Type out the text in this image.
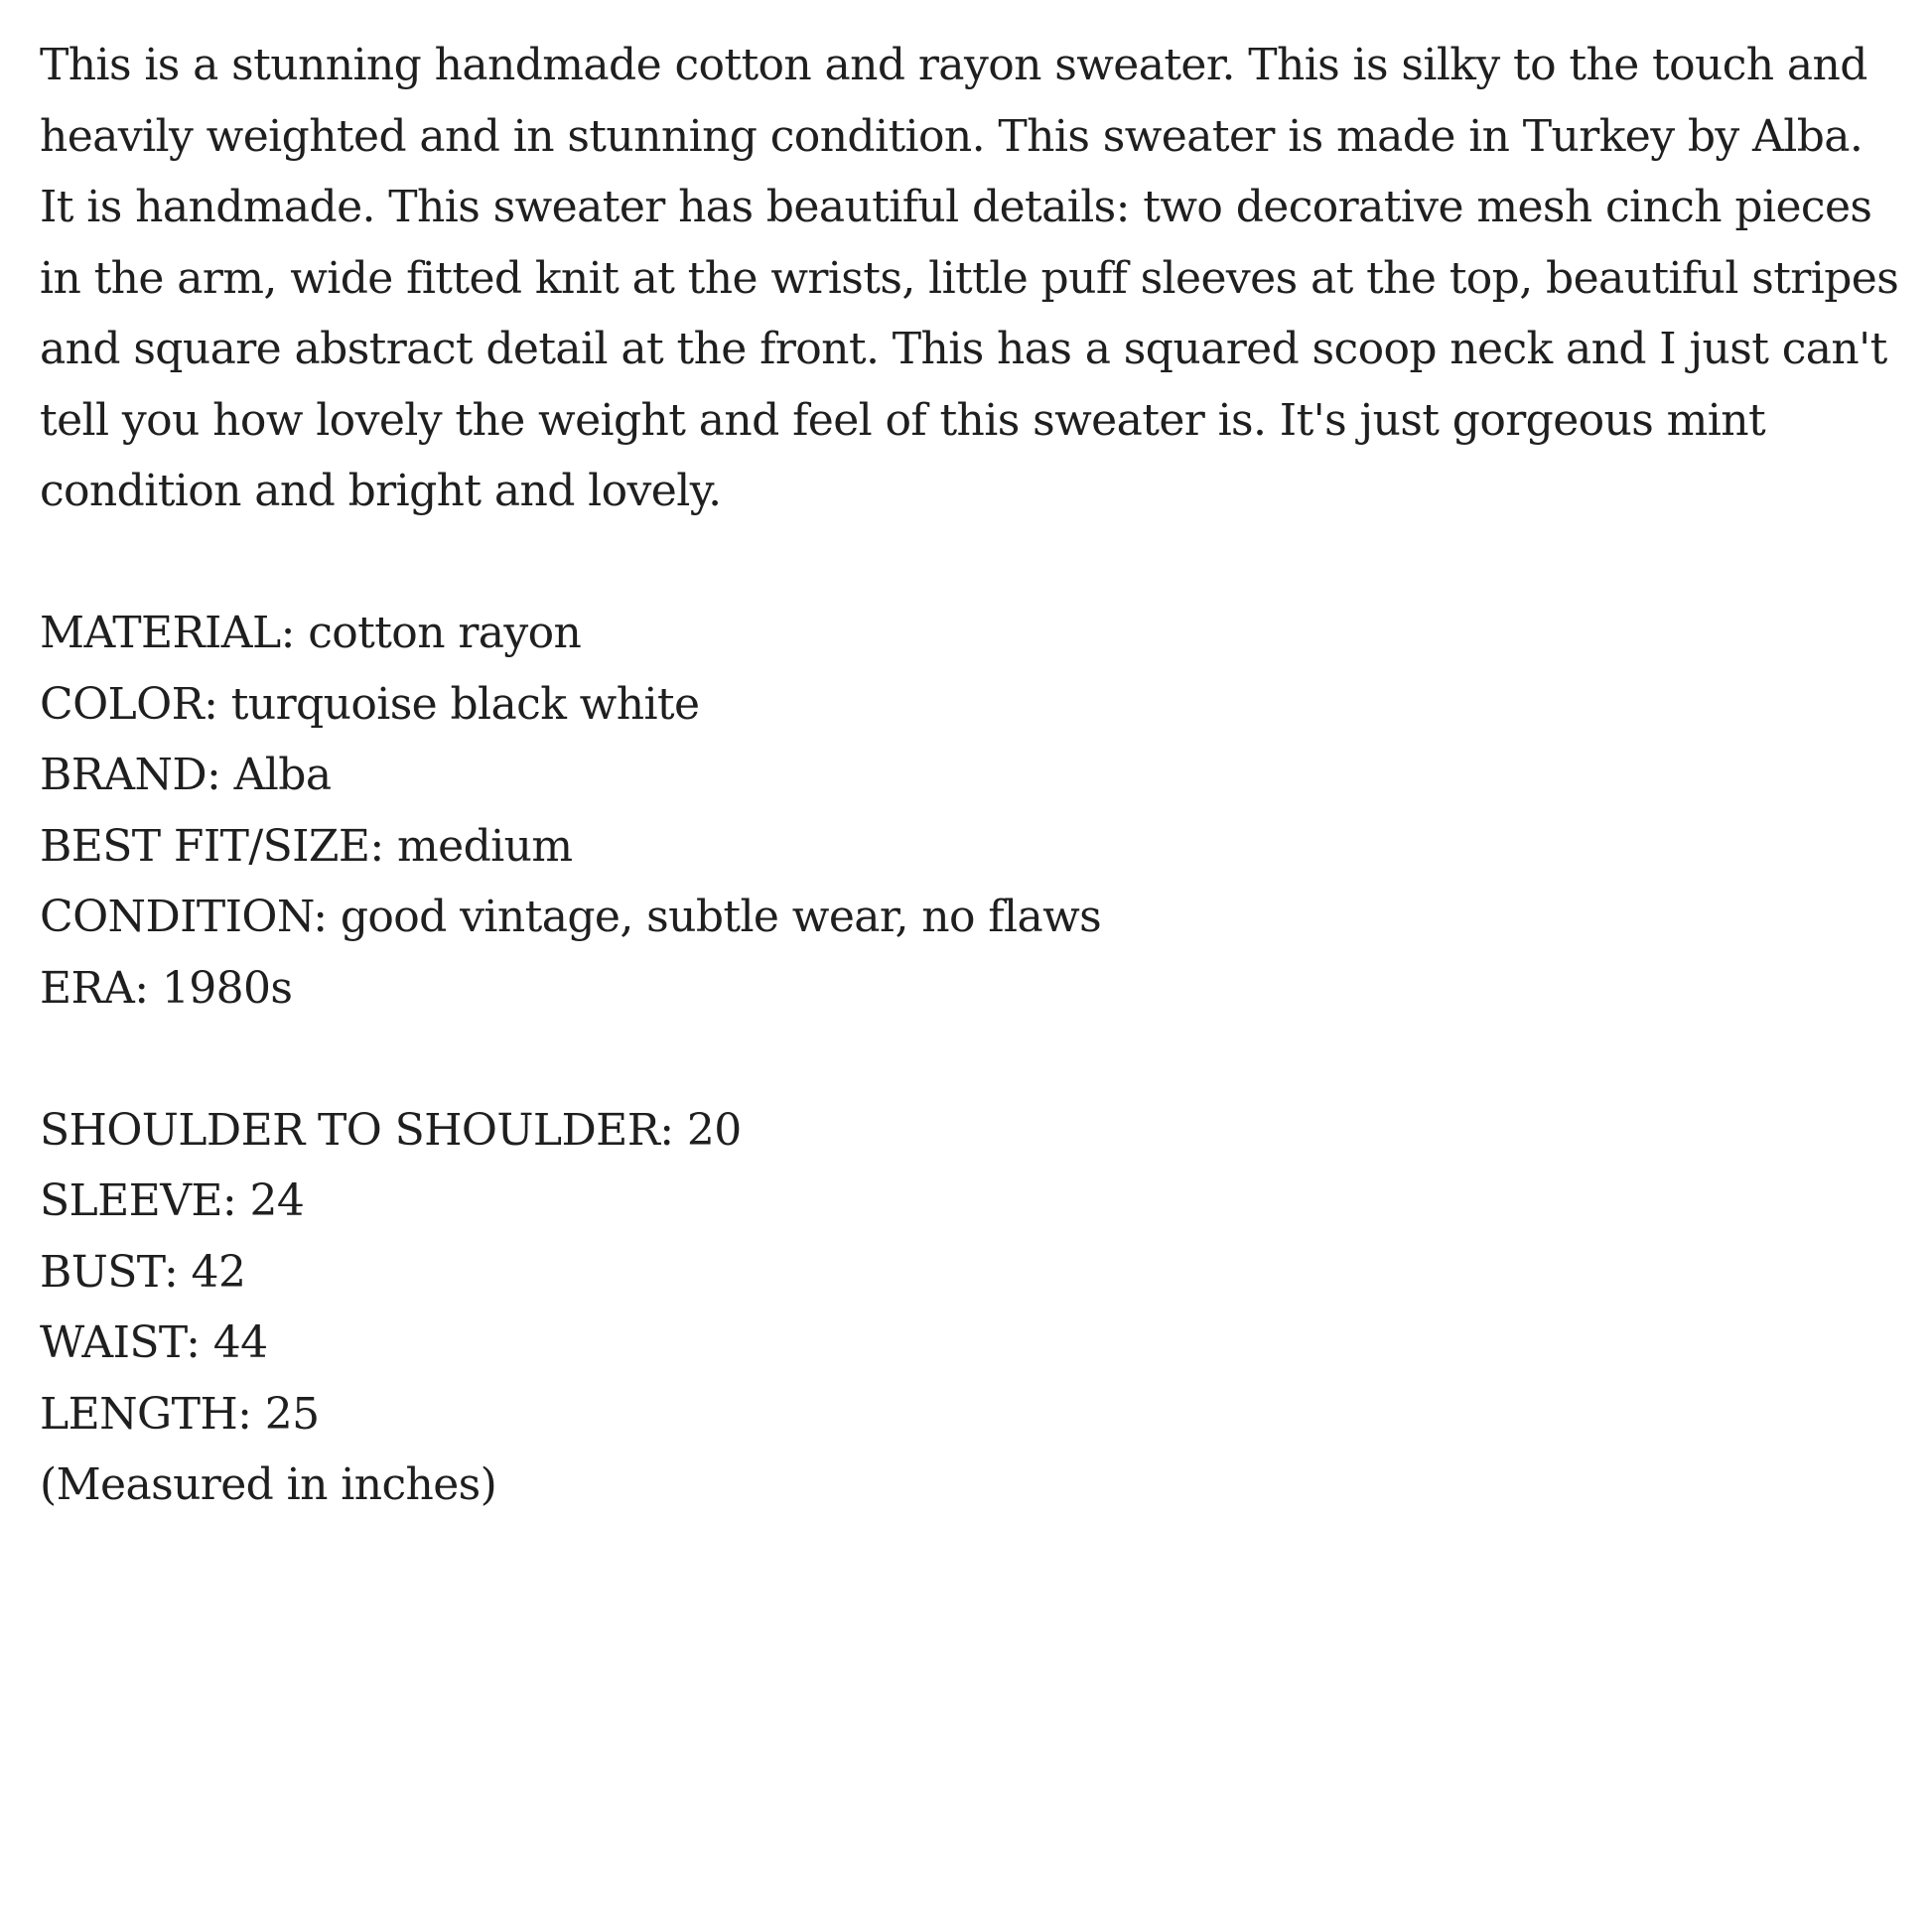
This is a stunning handmade cotton and rayon sweater. This is silky to the touch and heavily weighted and in stunning condition. This sweater is made in Turkey by Alba. It is handmade. This sweater has beautiful details: two decorative mesh cinch pieces in the arm, wide fitted knit at the wrists, little puff sleeves at the top, beautiful stripes and square abstract detail at the front. This has a squared scoop neck and I just can't tell you how lovely the weight and feel of this sweater is. It's just gorgeous mint condition and bright and lovely.

MATERIAL: cotton rayon
COLOR: turquoise black white
BRAND: Alba
BEST FIT/SIZE: medium
CONDITION: good vintage, subtle wear, no flaws
ERA: 1980s
SHOULDER TO SHOULDER: 20
SLEEVE: 24
BUST: 42
WAIST: 44
LENGTH: 25
(Measured in inches)
